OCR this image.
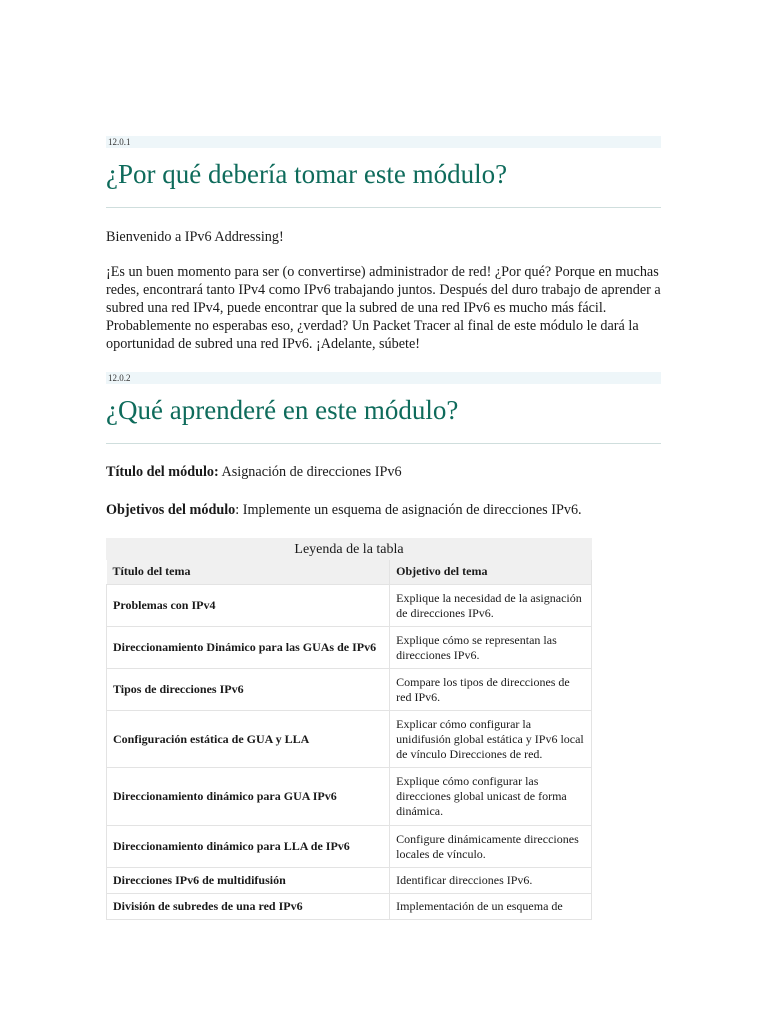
12.0.1
¿Por qué debería tomar este módulo?

Bienvenido a IPv6 Addressing!

¡Es un buen momento para ser (o convertirse) administrador de red! ¿Por qué? Porque en muchas redes, encontrará tanto IPv4 como IPv6 trabajando juntos. Después del duro trabajo de aprender a subred una red IPv4, puede encontrar que la subred de una red IPv6 es mucho más fácil. Probablemente no esperabas eso, ¿verdad? Un Packet Tracer al final de este módulo le dará la oportunidad de subred una red IPv6. ¡Adelante, súbete!

12.0.2
¿Qué aprenderé en este módulo?

Título del módulo: Asignación de direcciones IPv6

Objetivos del módulo: Implemente un esquema de asignación de direcciones IPv6.

Leyenda de la tabla
Título del tema	Objetivo del tema
Problemas con IPv4	Explique la necesidad de la asignación de direcciones IPv6.
Direccionamiento Dinámico para las GUAs de IPv6	Explique cómo se representan las direcciones IPv6.
Tipos de direcciones IPv6	Compare los tipos de direcciones de red IPv6.
Configuración estática de GUA y LLA	Explicar cómo configurar la unidifusión global estática y IPv6 local de vínculo Direcciones de red.
Direccionamiento dinámico para GUA IPv6	Explique cómo configurar las direcciones global unicast de forma dinámica.
Direccionamiento dinámico para LLA de IPv6	Configure dinámicamente direcciones locales de vínculo.
Direcciones IPv6 de multidifusión	Identificar direcciones IPv6.
División de subredes de una red IPv6	Implementación de un esquema de
